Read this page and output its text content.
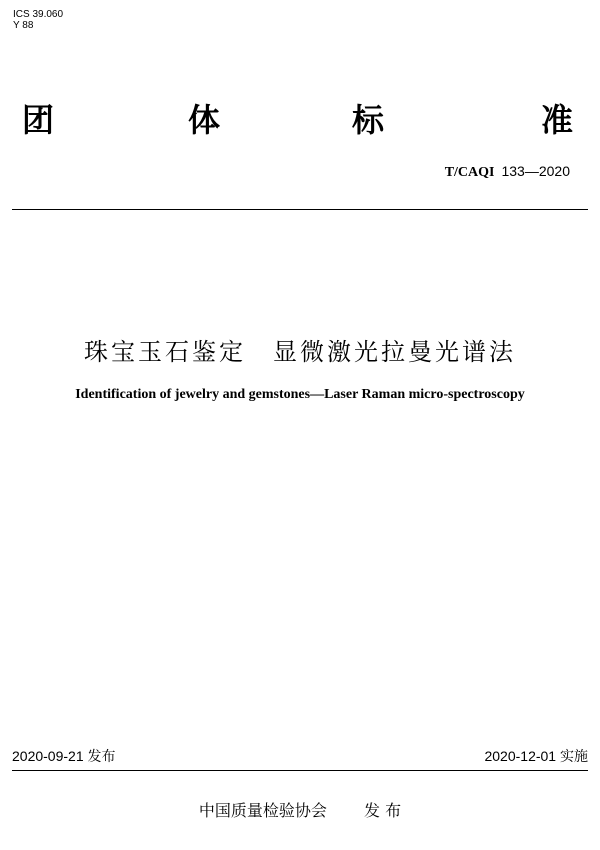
ICS 39.060
Y 88
团	体	标	准
T/CAQI 133—2020
珠宝玉石鉴定　显微激光拉曼光谱法
Identification of jewelry and gemstones—Laser Raman micro-spectroscopy
2020-09-21 发布	2020-12-01 实施
中国质量检验协会   发 布
